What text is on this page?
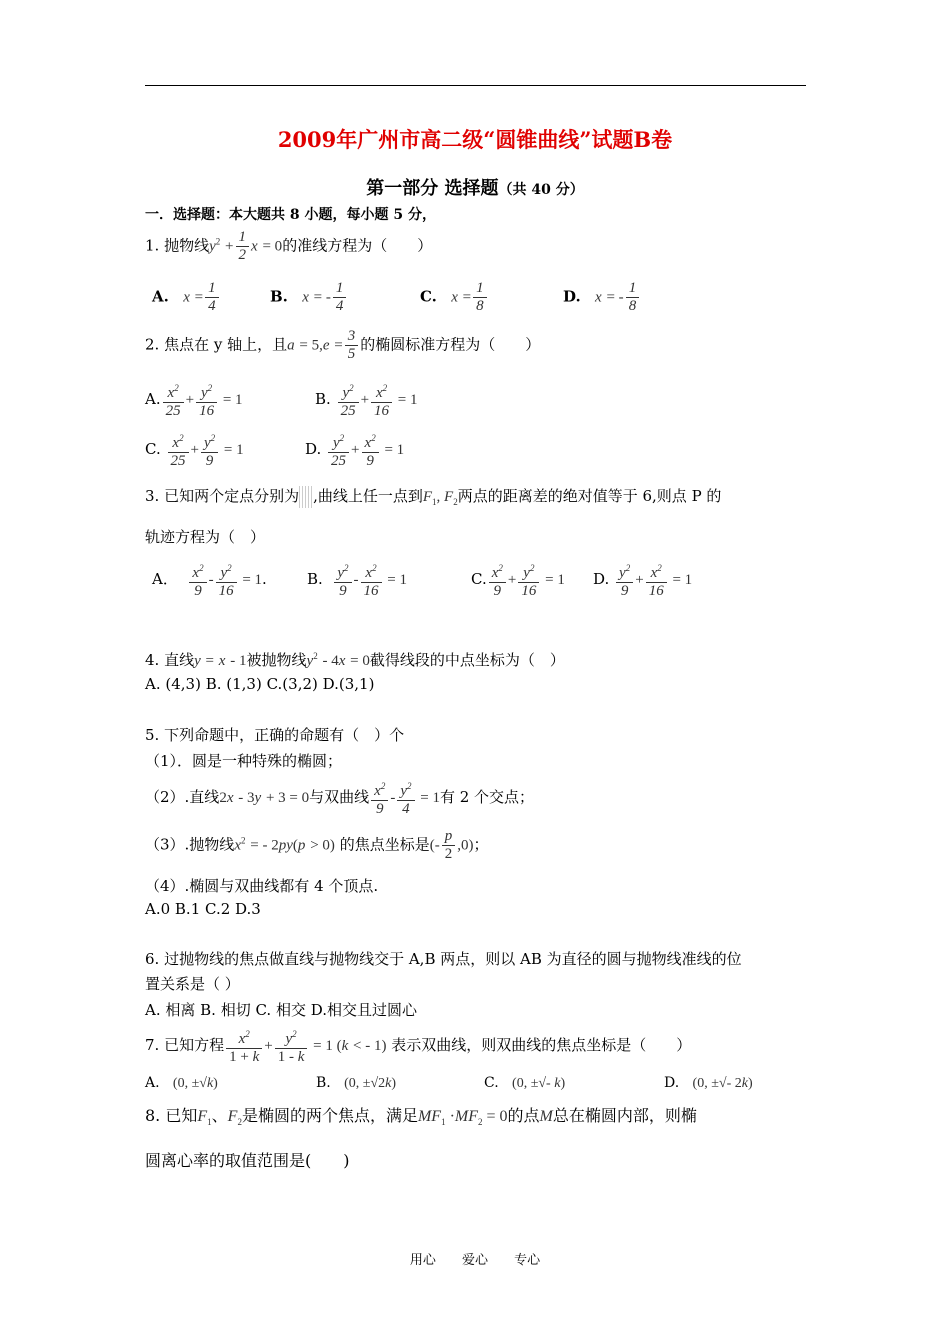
2009年广州市高二级“圆锥曲线”试题B卷
第一部分 选择题（共 40 分）
一．选择题：本大题共 8 小题，每小题 5 分，
1. 抛物线$y^2 + \frac{1}{2}$ x = 0的准线方程为（　　）
A. $x = \frac{1}{4}$	B. x = - $\frac{1}{4}$	C. $x = \frac{1}{8}$	D. x = - $\frac{1}{8}$
2. 焦点在 y 轴上，且$a = 5,e = \frac{3}{5}$ 的椭圆标准方程为（　　）
A. $\frac{x^2}{25} + \frac{y^2}{16} = 1$	B. $\frac{y^2}{25} + \frac{x^2}{16} = 1$
C. $\frac{x^2}{25} + \frac{y^2}{9} = 1$	D. $\frac{y^2}{25} + \frac{x^2}{9} = 1$
3. 已知两个定点分别为 ,曲线上任一点到$F_1$, $F_2$两点的距离差的绝对值等于 6,则点 P 的
轨迹方程为（　）
A． $\frac{x^2}{9} - \frac{y^2}{16} = 1$.	B. $\frac{y^2}{9} - \frac{x^2}{16} = 1$	C. $\frac{x^2}{9} + \frac{y^2}{16} = 1$ D. $\frac{y^2}{9} + \frac{x^2}{16} = 1$
4. 直线y = x - 1被抛物线$y^2 - 4x = 0$截得线段的中点坐标为（　）
A. (4,3) B. (1,3) C.(3,2) D.(3,1)
5. 下列命题中，正确的命题有（　）个
（1）．圆是一种特殊的椭圆；
（2）.直线2x - 3y + 3 = 0与双曲线 $\frac{x^2}{9} - \frac{y^2}{4} = 1$有 2 个交点；
（3）.抛物线$x^2$ = - 2py(p > 0) 的焦点坐标是(- $\frac{p}{2} ,0$)；
（4）.椭圆与双曲线都有 4 个顶点.
A.0 B.1 C.2 D.3
6. 过抛物线的焦点做直线与抛物线交于 A,B 两点，则以 AB 为直径的圆与抛物线准线的位
置关系是（ ）
A. 相离 B. 相切 C. 相交 D.相交且过圆心
7. 已知方程 $\frac{x^2}{1 + k} + \frac{y^2}{1 - k} = 1$ (k < - 1) 表示双曲线，则双曲线的焦点坐标是（　　）
A. (0, ±√k)	B. (0, ±√2k)	C. (0, ±√- k)	D. (0, ±√- 2k)
8. 已知$F_1$、$F_2$是椭圆的两个焦点，满足$MF_1 \cdot MF_2 = 0$的点M总在椭圆内部，则椭
圆离心率的取值范围是(　　)
用心 爱心 专心
